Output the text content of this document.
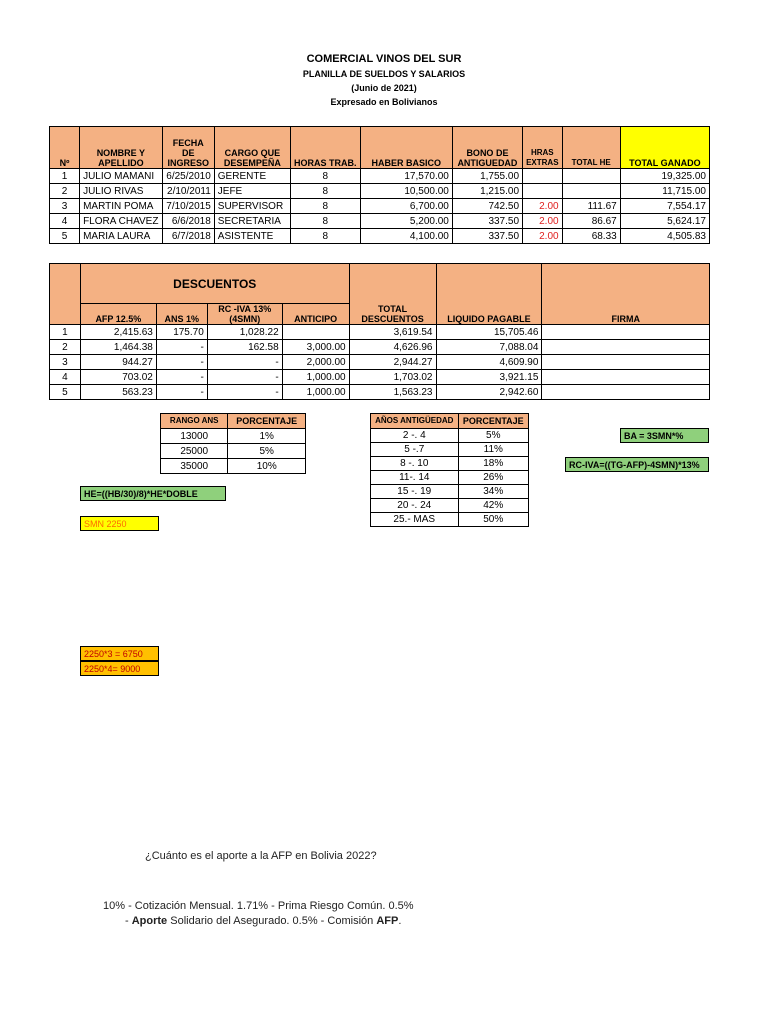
COMERCIAL VINOS DEL SUR
PLANILLA DE SUELDOS Y SALARIOS
(Junio de 2021)
Expresado en Bolivianos
Nº	NOMBRE Y APELLIDO	FECHA DE INGRESO	CARGO QUE DESEMPEÑA	HORAS TRAB.	HABER BASICO	BONO DE ANTIGUEDAD	HRAS EXTRAS	TOTAL HE	TOTAL GANADO
1	JULIO MAMANI	6/25/2010	GERENTE	8	17,570.00	1,755.00			19,325.00
2	JULIO RIVAS	2/10/2011	JEFE	8	10,500.00	1,215.00			11,715.00
3	MARTIN POMA	7/10/2015	SUPERVISOR	8	6,700.00	742.50	2.00	111.67	7,554.17
4	FLORA CHAVEZ	6/6/2018	SECRETARIA	8	5,200.00	337.50	2.00	86.67	5,624.17
5	MARIA LAURA	6/7/2018	ASISTENTE	8	4,100.00	337.50	2.00	68.33	4,505.83
	DESCUENTOS				TOTAL DESCUENTOS	LIQUIDO PAGABLE	FIRMA
	AFP 12.5%	ANS 1%	RC -IVA 13% (4SMN)	ANTICIPO			
1	2,415.63	175.70	1,028.22		3,619.54	15,705.46	
2	1,464.38	-	162.58	3,000.00	4,626.96	7,088.04	
3	944.27	-	-	2,000.00	2,944.27	4,609.90	
4	703.02	-	-	1,000.00	1,703.02	3,921.15	
5	563.23	-	-	1,000.00	1,563.23	2,942.60	
RANGO ANS	PORCENTAJE
13000	1%
25000	5%
35000	10%
AÑOS ANTIGÜEDAD	PORCENTAJE
2 -. 4	5%
5 -.7	11%
8 -. 10	18%
11-. 14	26%
15 -. 19	34%
20 -. 24	42%
25.- MAS	50%
BA = 3SMN*%
RC-IVA=((TG-AFP)-4SMN)*13%
HE=((HB/30)/8)*HE*DOBLE
SMN 2250
2250*3 = 6750
2250*4= 9000
¿Cuánto es el aporte a la AFP en Bolivia 2022?
10% - Cotización Mensual. 1.71% - Prima Riesgo Común. 0.5%
- Aporte Solidario del Asegurado. 0.5% - Comisión AFP.
